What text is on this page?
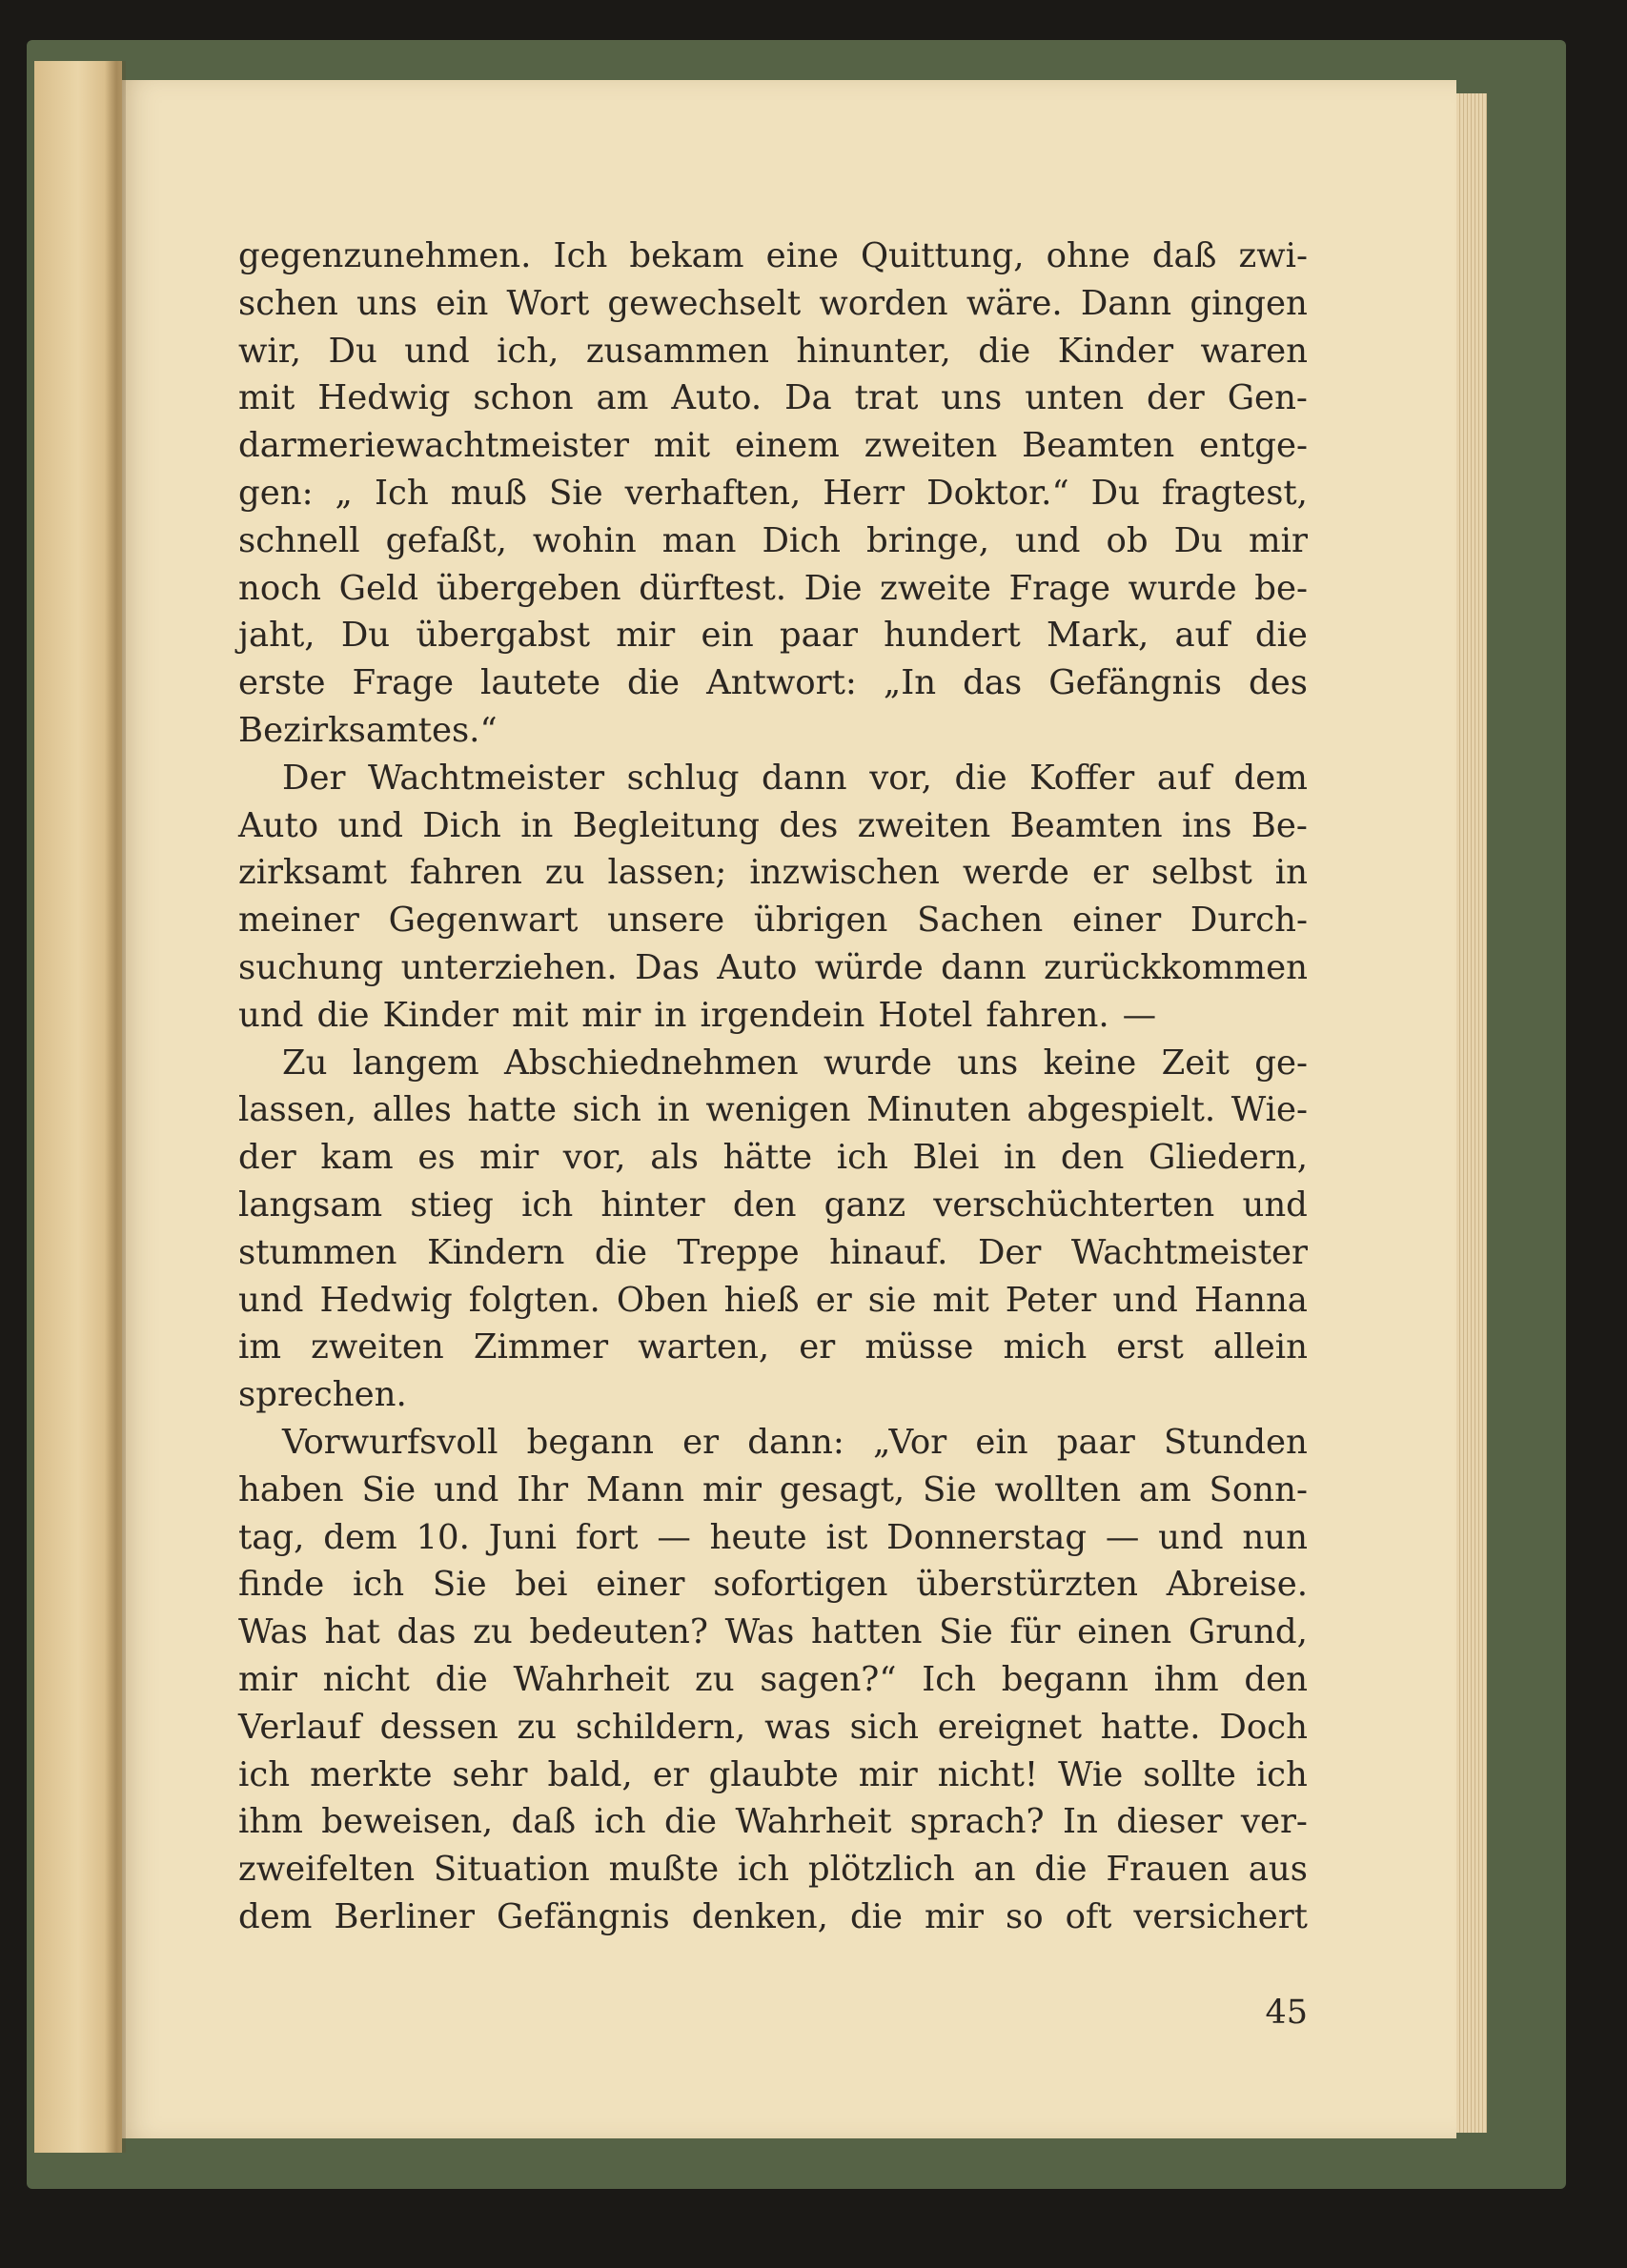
gegenzunehmen. Ich bekam eine Quittung, ohne daß zwi-
schen uns ein Wort gewechselt worden wäre. Dann gingen
wir, Du und ich, zusammen hinunter, die Kinder waren
mit Hedwig schon am Auto. Da trat uns unten der Gen-
darmeriewachtmeister mit einem zweiten Beamten entge-
gen: „ Ich muß Sie verhaften, Herr Doktor.“ Du fragtest,
schnell gefaßt, wohin man Dich bringe, und ob Du mir
noch Geld übergeben dürftest. Die zweite Frage wurde be-
jaht, Du übergabst mir ein paar hundert Mark, auf die
erste Frage lautete die Antwort: „In das Gefängnis des
Bezirksamtes.“
Der Wachtmeister schlug dann vor, die Koffer auf dem
Auto und Dich in Begleitung des zweiten Beamten ins Be-
zirksamt fahren zu lassen; inzwischen werde er selbst in
meiner Gegenwart unsere übrigen Sachen einer Durch-
suchung unterziehen. Das Auto würde dann zurückkommen
und die Kinder mit mir in irgendein Hotel fahren. —
Zu langem Abschiednehmen wurde uns keine Zeit ge-
lassen, alles hatte sich in wenigen Minuten abgespielt. Wie-
der kam es mir vor, als hätte ich Blei in den Gliedern,
langsam stieg ich hinter den ganz verschüchterten und
stummen Kindern die Treppe hinauf. Der Wachtmeister
und Hedwig folgten. Oben hieß er sie mit Peter und Hanna
im zweiten Zimmer warten, er müsse mich erst allein
sprechen.
Vorwurfsvoll begann er dann: „Vor ein paar Stunden
haben Sie und Ihr Mann mir gesagt, Sie wollten am Sonn-
tag, dem 10. Juni fort — heute ist Donnerstag — und nun
finde ich Sie bei einer sofortigen überstürzten Abreise.
Was hat das zu bedeuten? Was hatten Sie für einen Grund,
mir nicht die Wahrheit zu sagen?“ Ich begann ihm den
Verlauf dessen zu schildern, was sich ereignet hatte. Doch
ich merkte sehr bald, er glaubte mir nicht! Wie sollte ich
ihm beweisen, daß ich die Wahrheit sprach? In dieser ver-
zweifelten Situation mußte ich plötzlich an die Frauen aus
dem Berliner Gefängnis denken, die mir so oft versichert
45
